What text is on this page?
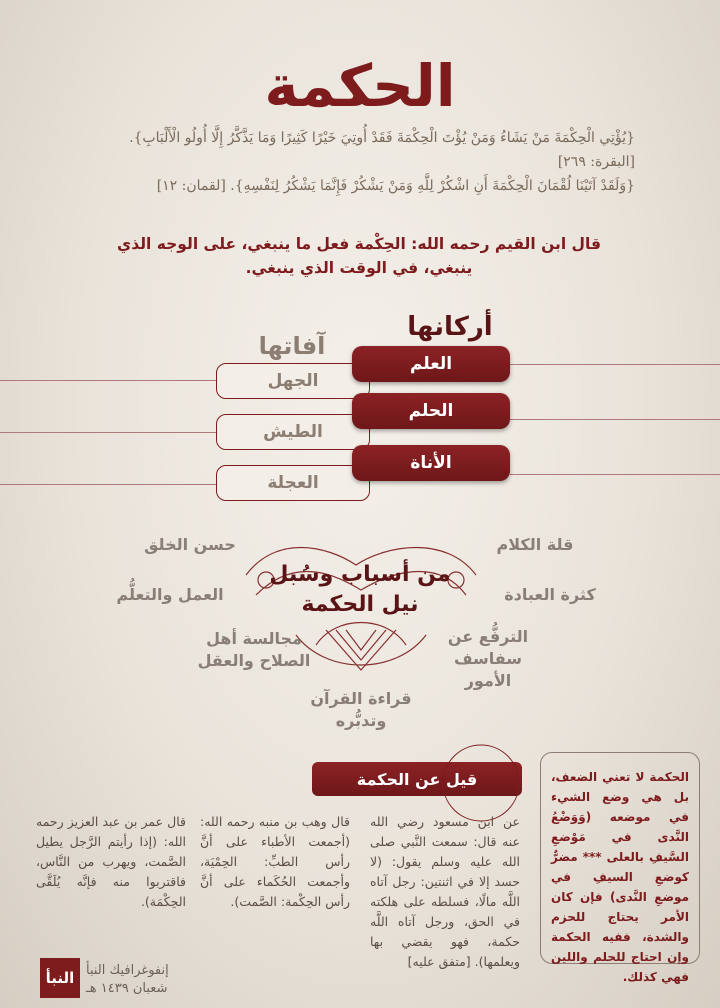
الحكمة
{يُؤْتِي الْحِكْمَةَ مَنْ يَشَاءُ وَمَنْ يُؤْتَ الْحِكْمَةَ فَقَدْ أُوتِيَ خَيْرًا كَثِيرًا وَمَا يَذَّكَّرُ إِلَّا أُولُو الْأَلْبَابِ}. [البقرة: ٢٦٩]
{وَلَقَدْ آتَيْنَا لُقْمَانَ الْحِكْمَةَ أَنِ اشْكُرْ لِلَّهِ وَمَنْ يَشْكُرْ فَإِنَّمَا يَشْكُرُ لِنَفْسِهِ}. [لقمان: ١٢]
قال ابن القيم رحمه الله: الحِكْمة فعل ما ينبغي، على الوجه الذي ينبغي، في الوقت الذي ينبغي.
أركانها
آفاتها
الجهل
الطيش
العجلة
العلم
الحلم
الأناة
من أسباب وسُبل
نيل الحكمة
قلة الكلام
كثرة العبادة
الترفُّع عن سفاسف الأمور
قراءة القرآن وتدبُّره
مجالسة أهل الصلاح والعقل
العمل والتعلُّم
حسن الخلق
قيل عن الحكمة
عن ابن مسعود رضي الله عنه قال: سمعت النَّبي صلى الله عليه وسلم يقول: (لا حسد إلا في اثنتين: رجل آتاه اللَّه مالًا، فسلطه على هلكته في الحق، ورجل آتاه اللَّه حكمة، فهو يقضي بها ويعلمها). [متفق عليه]
قال وهب بن منبه رحمه الله: (أجمعت الأطباء على أنَّ رأس الطبِّ: الحِمْيَة، وأجمعت الحُكَماء على أنَّ رأس الحِكْمة: الصَّمت).
قال عمر بن عبد العزيز رحمه الله: (إذا رأيتم الرَّجل يطيل الصَّمت، ويهرب من النَّاس، فاقتربوا منه فإنَّه يُلَقَّى الحِكْمَة).
الحكمة لا تعني الضعف، بل هي وضع الشيء في موضعه (وَوَضْعُ النَّدى في مَوْضعِ السَّيفِ بالعلى *** مضرٌّ كوضعِ السيفِ في موضعِ النَّدى) فإن كان الأمر يحتاج للحزم والشدة، ففيه الحكمة وإن احتاج للحلم واللين فهي كذلك.
النبأ إنفوغرافيك النبأ
شعبان ١٤٣٩ هـ
